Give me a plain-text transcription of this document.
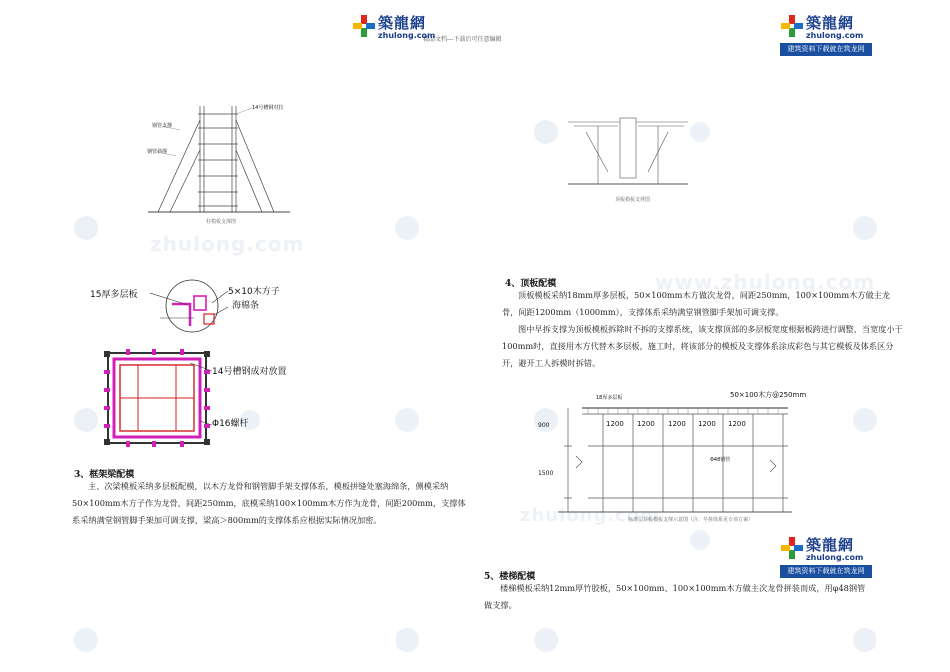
zhulong.com
www.zhulong.com
zhulong.com
精品文档---下载后可任意编辑
築龍網
zhulong.com
築龍網
zhulong.com
建筑资料下载就在筑龙网
築龍網
zhulong.com
建筑资料下载就在筑龙网
14号槽钢对拉
钢管支撑
钢管斜撑
柱模板支撑图
15厚多层板	5×10木方子
海棉条
14号槽钢成对放置
Φ16螺杆
3、框架梁配模
主、次梁模板采纳多层板配模，以木方龙骨和钢管脚手架支撑体系，模板拼缝处塞海绵条，侧模采纳50×100mm木方子作为龙骨，间距250mm，底模采纳100×100mm木方作为龙骨，间距200mm，支撑体系采纳满堂钢管脚手架加可调支撑，梁高＞800mm的支撑体系应根据实际情况加密。
顶板模板支撑图
4、顶板配模
顶板模板采纳18mm厚多层板，50×100mm木方做次龙骨，间距250mm，100×100mm木方做主龙骨，间距1200mm（1000mm），支撑体系采纳满堂钢管脚手架加可调支撑。
图中早拆支撑为顶板模板拆除时不拆的支撑系统，该支撑顶部的多层板宽度根据板跨进行调整，当宽度小于100mm时，直接用木方代替木多层板，施工时，将该部分的模板及支撑体系涂成彩色与其它模板及体系区分开，避开工人拆模时拆错。
18厚多层板	50×100木方@250mm
1200 1200 1200 1200 1200
900
1500
Φ48钢管
标准层顶板模板支撑示意图（注：早拆体系见专项方案）
5、楼梯配模
楼梯模板采纳12mm厚竹胶板，50×100mm、100×100mm木方做主次龙骨拼装而成，用φ48钢管做支撑。
